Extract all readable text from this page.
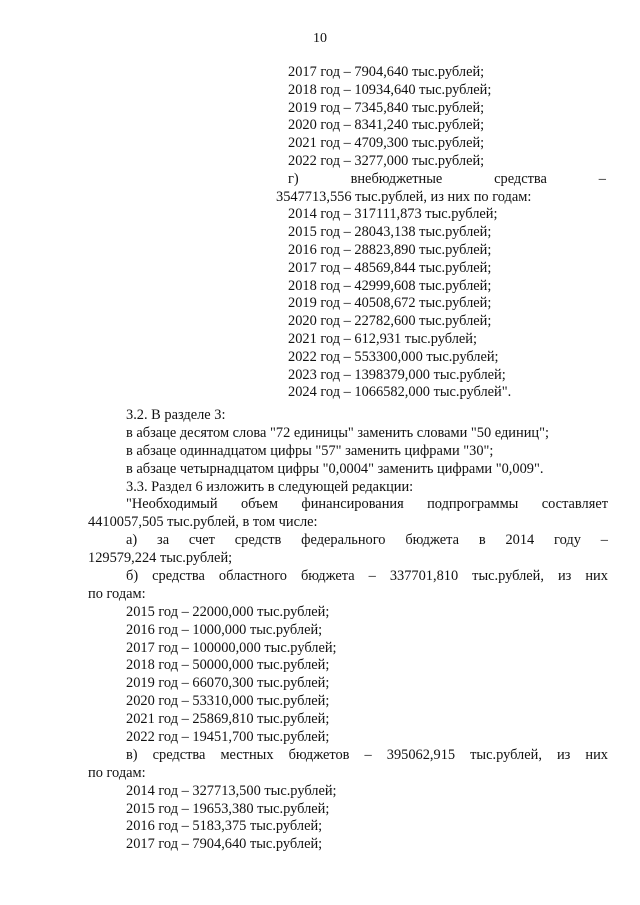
10
2017 год – 7904,640 тыс.рублей;
2018 год – 10934,640 тыс.рублей;
2019 год – 7345,840 тыс.рублей;
2020 год – 8341,240 тыс.рублей;
2021 год – 4709,300 тыс.рублей;
2022 год – 3277,000 тыс.рублей;
г)	внебюджетные	средства	–
3547713,556 тыс.рублей, из них по годам:
2014 год – 317111,873 тыс.рублей;
2015 год – 28043,138 тыс.рублей;
2016 год – 28823,890 тыс.рублей;
2017 год – 48569,844 тыс.рублей;
2018 год – 42999,608 тыс.рублей;
2019 год – 40508,672 тыс.рублей;
2020 год – 22782,600 тыс.рублей;
2021 год – 612,931 тыс.рублей;
2022 год – 553300,000 тыс.рублей;
2023 год – 1398379,000 тыс.рублей;
2024 год – 1066582,000 тыс.рублей".
3.2. В разделе 3:
в абзаце десятом слова "72 единицы" заменить словами "50 единиц";
в абзаце одиннадцатом цифры "57" заменить цифрами "30";
в абзаце четырнадцатом цифры "0,0004" заменить цифрами "0,009".
3.3. Раздел 6 изложить в следующей редакции:
"Необходимый объем финансирования подпрограммы составляет
4410057,505 тыс.рублей, в том числе:
а) за счет средств федерального бюджета в 2014 году –
129579,224 тыс.рублей;
б) средства областного бюджета – 337701,810 тыс.рублей, из них
по годам:
2015 год – 22000,000 тыс.рублей;
2016 год – 1000,000 тыс.рублей;
2017 год – 100000,000 тыс.рублей;
2018 год – 50000,000 тыс.рублей;
2019 год – 66070,300 тыс.рублей;
2020 год – 53310,000 тыс.рублей;
2021 год – 25869,810 тыс.рублей;
2022 год – 19451,700 тыс.рублей;
в) средства местных бюджетов – 395062,915 тыс.рублей, из них
по годам:
2014 год – 327713,500 тыс.рублей;
2015 год – 19653,380 тыс.рублей;
2016 год – 5183,375 тыс.рублей;
2017 год – 7904,640 тыс.рублей;
